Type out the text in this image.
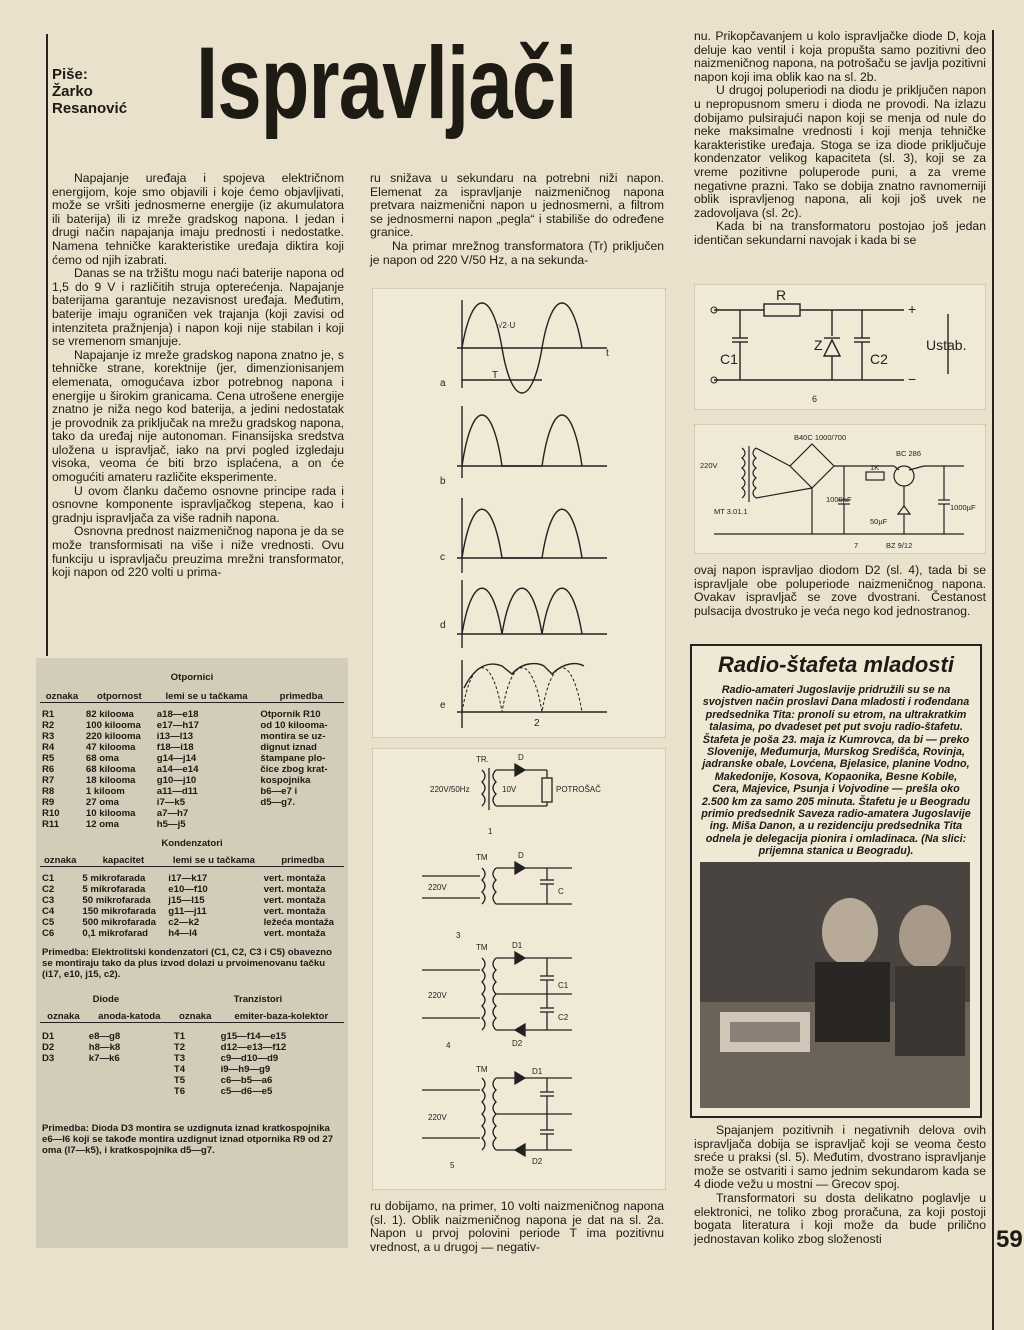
Piše:
Žarko
Resanović Ispravljači

Napajanje uređaja i spojeva električnom energijom, koje smo objavili i koje ćemo objavljivati, može se vršiti jednosmerne energije (iz akumulatora ili baterija) ili iz mreže gradskog napona. I jedan i drugi način napajanja imaju prednosti i nedostatke. Namena tehničke karakteristike uređaja diktira koji ćemo od njih izabrati.

Danas se na tržištu mogu naći baterije napona od 1,5 do 9 V i različitih struja opterećenja. Napajanje baterijama garantuje nezavisnost uređaja. Međutim, baterije imaju ograničen vek trajanja (koji zavisi od intenziteta pražnjenja) i napon koji nije stabilan i koji se vremenom smanjuje.

Napajanje iz mreže gradskog napona znatno je, s tehničke strane, korektnije (jer, dimenzionisanjem elemenata, omogućava izbor potrebnog napona i energije u širokim granicama. Cena utrošene energije znatno je niža nego kod baterija, a jedini nedostatak je provodnik za priključak na mrežu gradskog napona, tako da uređaj nije autonoman. Finansijska sredstva uložena u ispravljač, iako na prvi pogled izgledaju visoka, veoma će biti brzo isplaćena, a on će omogućiti amateru različite eksperimente.

U ovom članku dačemo osnovne principe rada i osnovne komponente ispravljačkog stepena, kao i gradnju ispravljača za više radnih napona.

Osnovna prednost naizmeničnog napona je da se može transformisati na više i niže vrednosti. Ovu funkciju u ispravljaču preuzima mrežni transformator, koji napon od 220 volti u prima-

Otpornici
oznaka	otpornost	lemi se u tačkama	primedba

R1	82 kiloома	a18—e18	Otpornik R10
R2	100 kilooma	e17—h17	od 10 kilooma-
R3	220 kilooma	i13—l13	montira se uz-
R4	47 kilooma	f18—i18	dignut iznad
R5	68 oma	g14—j14	štampane plo-
R6	68 kilooma	a14—e14	čice zbog krat-
R7	18 kilooma	g10—j10	kospojnika
R8	1 kiloom	a11—d11	b6—e7 i
R9	27 oma	i7—k5	d5—g7.
R10	10 kilooma	a7—h7	
R11	12 oma	h5—j5	
Kondenzatori
oznaka	kapacitet	lemi se u tačkama	primedba

C1	5 mikrofarada	i17—k17	vert. montaža
C2	5 mikrofarada	e10—f10	vert. montaža
C3	50 mikrofarada	j15—l15	vert. montaža
C4	150 mikrofarada	g11—j11	vert. montaža
C5	500 mikrofarada	c2—k2	ležeća montaža
C6	0,1 mikrofarad	h4—l4	vert. montaža
Primedba: Elektrolitski kondenzatori (C1, C2, C3 i C5) obavezno se montiraju tako da plus izvod dolazi u prvoimenovanu tačku (i17, e10, j15, c2).
Diode		Tranzistori	

oznaka	anoda-katoda	oznaka	emiter-baza-kolektor

D1	e8—g8	T1	g15—f14—e15
D2	h8—k8	T2	d12—e13—f12
D3	k7—k6	T3	c9—d10—d9
		T4	i9—h9—g9
		T5	c6—b5—a6
		T6	c5—d6—e5
Primedba: Dioda D3 montira se uzdignuta iznad kratkospojnika e6—l6 koji se takođe montira uzdignut iznad otpornika R9 od 27 oma (l7—k5), i kratkospojnika d5—g7.

ru snižava u sekundaru na potrebni niži napon. Elemenat za ispravljanje naizmeničnog napona pretvara naizmenični napon u jednosmerni, a filtrom se jednosmerni napon „pegla“ i stabiliše do određene granice.

Na primar mrežnog transformatora (Tr) priključen je napon od 220 V/50 Hz, a na sekunda-

a
b
c
d
e
2
T
√2·U
t
220V/50Hz	10V
TR.	D
POTROŠAČ
1
TM	D
220V	C
3
TM	D1
D2
220V
C1
C2
4
TM	D1
D2
220V
5

ru dobijamo, na primer, 10 volti naizmeničnog napona (sl. 1). Oblik naizmeničnog napona je dat na sl. 2a. Napon u prvoj polovini periode T ima pozitivnu vrednost, a u drugoj — negativ-

nu. Prikopčavanjem u kolo ispravljačke diode D, koja deluje kao ventil i koja propušta samo pozitivni deo naizmeničnog napona, na potrošaču se javlja pozitivni napon koji ima oblik kao na sl. 2b.

U drugoj poluperiodi na diodu je priključen napon u nepropusnom smeru i dioda ne provodi. Na izlazu dobijamo pulsirajući napon koji se menja od nule do neke maksimalne vrednosti i koji menja tehničke karakteristike uređaja. Stoga se iza diode priključuje kondenzator velikog kapaciteta (sl. 3), koji se za vreme pozitivne poluperode puni, a za vreme negativne prazni. Tako se dobija znatno ravnomerniji oblik ispravljenog napona, ali koji još uvek ne zadovoljava (sl. 2c).

Kada bi na transformatoru postojao još jedan identičan sekundarni navojak i kada bi se

R
Z
C1	C2
Ustab.
6
+
−
B40C 1000/700
220V
MT 3.01.1
BC 286
1K
1000µF
50µF
1000µF
BZ 9/12
7

ovaj napon ispravljao diodom D2 (sl. 4), tada bi se ispravljale obe poluperiode naizmeničnog napona. Ovakav ispravljač se zove dvostrani. Čestanost pulsacija dvostruko je veća nego kod jednostranog.

Radio-štafeta mladosti
Radio-amateri Jugoslavije pridružili su se na svojstven način proslavi Dana mladosti i rođendana predsednika Tita: pronoli su etrom, na ultrakratkim talasima, po dvadeset pet put svoju radio-štafetu. Štafeta je poša 23. maja iz Kumrovca, da bi — preko Slovenije, Međumurja, Murskog Središća, Rovinja, jadranske obale, Lovćena, Bjelasice, planine Vodno, Makedonije, Kosova, Kopaonika, Besne Kobile, Cera, Majevice, Psunja i Vojvodine — prešla oko 2.500 km za samo 205 minuta. Štafetu je u Beogradu primio predsednik Saveza radio-amatera Jugoslavije ing. Miša Danon, a u rezidenciju predsednika Tita odnela je delegacija pionira i omladinaca. (Na slici: prijemna stanica u Beogradu).

Spajanjem pozitivnih i negativnih delova ovih ispravljača dobija se ispravljač koji se veoma često sreće u praksi (sl. 5). Međutim, dvostrano ispravljanje može se ostvariti i samo jednim sekundarom kada se 4 diode vežu u mostni — Grecov spoj.

Transformatori su dosta delikatno poglavlje u elektronici, ne toliko zbog proračuna, za koji postoji bogata literatura i koji može da bude prilično jednostavan koliko zbog složenosti	59
